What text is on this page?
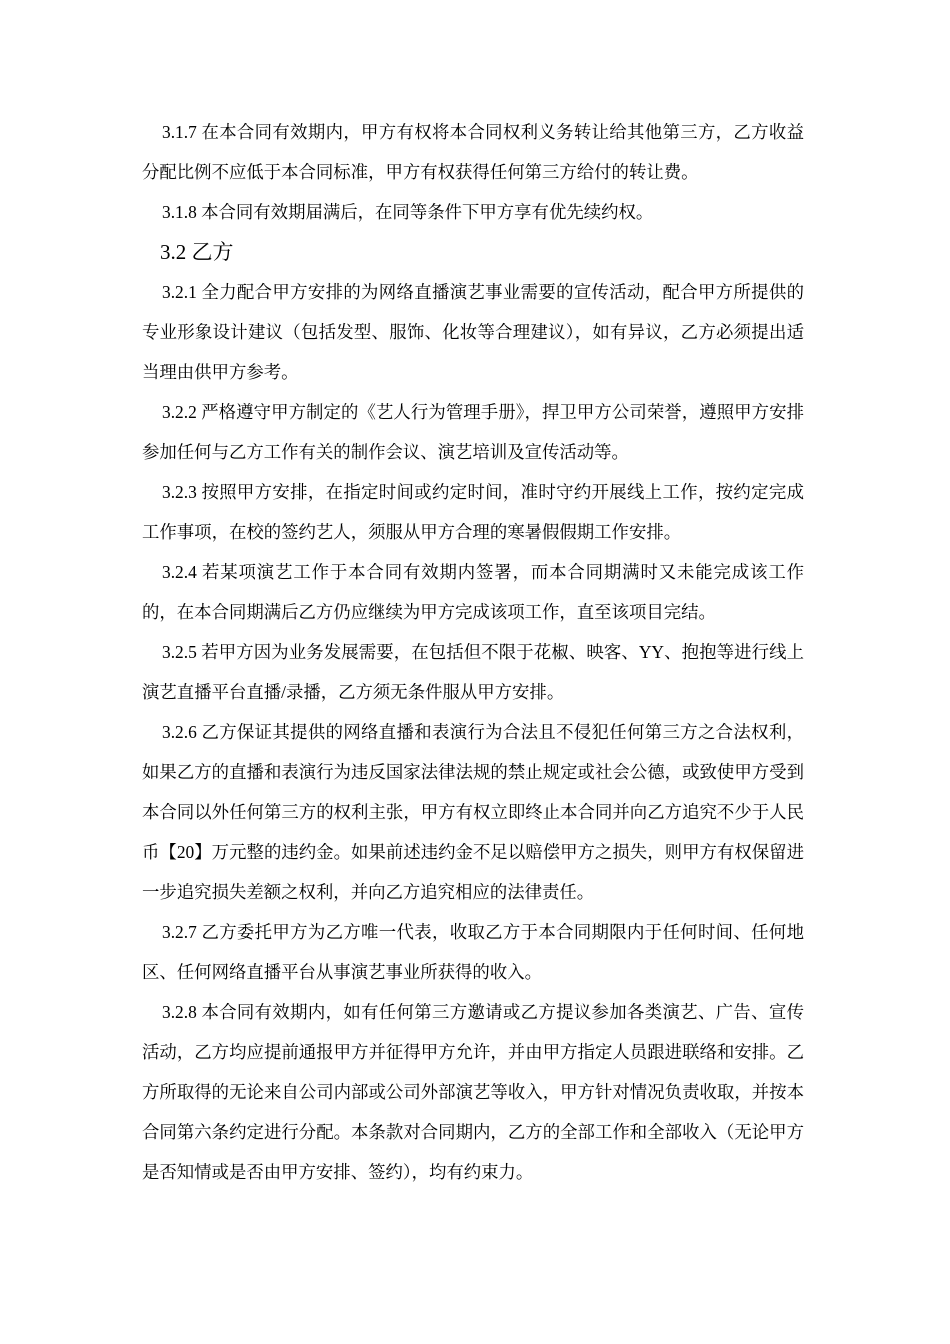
3.1.7 在本合同有效期内，甲方有权将本合同权利义务转让给其他第三方，乙方收益分配比例不应低于本合同标准，甲方有权获得任何第三方给付的转让费。

3.1.8 本合同有效期届满后，在同等条件下甲方享有优先续约权。

3.2 乙方

3.2.1 全力配合甲方安排的为网络直播演艺事业需要的宣传活动，配合甲方所提供的专业形象设计建议（包括发型、服饰、化妆等合理建议），如有异议，乙方必须提出适当理由供甲方参考。

3.2.2 严格遵守甲方制定的《艺人行为管理手册》，捍卫甲方公司荣誉，遵照甲方安排参加任何与乙方工作有关的制作会议、演艺培训及宣传活动等。

3.2.3 按照甲方安排，在指定时间或约定时间，准时守约开展线上工作，按约定完成工作事项，在校的签约艺人，须服从甲方合理的寒暑假假期工作安排。

3.2.4 若某项演艺工作于本合同有效期内签署，而本合同期满时又未能完成该工作的，在本合同期满后乙方仍应继续为甲方完成该项工作，直至该项目完结。

3.2.5 若甲方因为业务发展需要，在包括但不限于花椒、映客、YY、抱抱等进行线上演艺直播平台直播/录播，乙方须无条件服从甲方安排。

3.2.6 乙方保证其提供的网络直播和表演行为合法且不侵犯任何第三方之合法权利，如果乙方的直播和表演行为违反国家法律法规的禁止规定或社会公德，或致使甲方受到本合同以外任何第三方的权利主张，甲方有权立即终止本合同并向乙方追究不少于人民币【20】万元整的违约金。如果前述违约金不足以赔偿甲方之损失，则甲方有权保留进一步追究损失差额之权利，并向乙方追究相应的法律责任。

3.2.7 乙方委托甲方为乙方唯一代表，收取乙方于本合同期限内于任何时间、任何地区、任何网络直播平台从事演艺事业所获得的收入。

3.2.8 本合同有效期内，如有任何第三方邀请或乙方提议参加各类演艺、广告、宣传活动，乙方均应提前通报甲方并征得甲方允许，并由甲方指定人员跟进联络和安排。乙方所取得的无论来自公司内部或公司外部演艺等收入，甲方针对情况负责收取，并按本合同第六条约定进行分配。本条款对合同期内，乙方的全部工作和全部收入（无论甲方是否知情或是否由甲方安排、签约），均有约束力。
